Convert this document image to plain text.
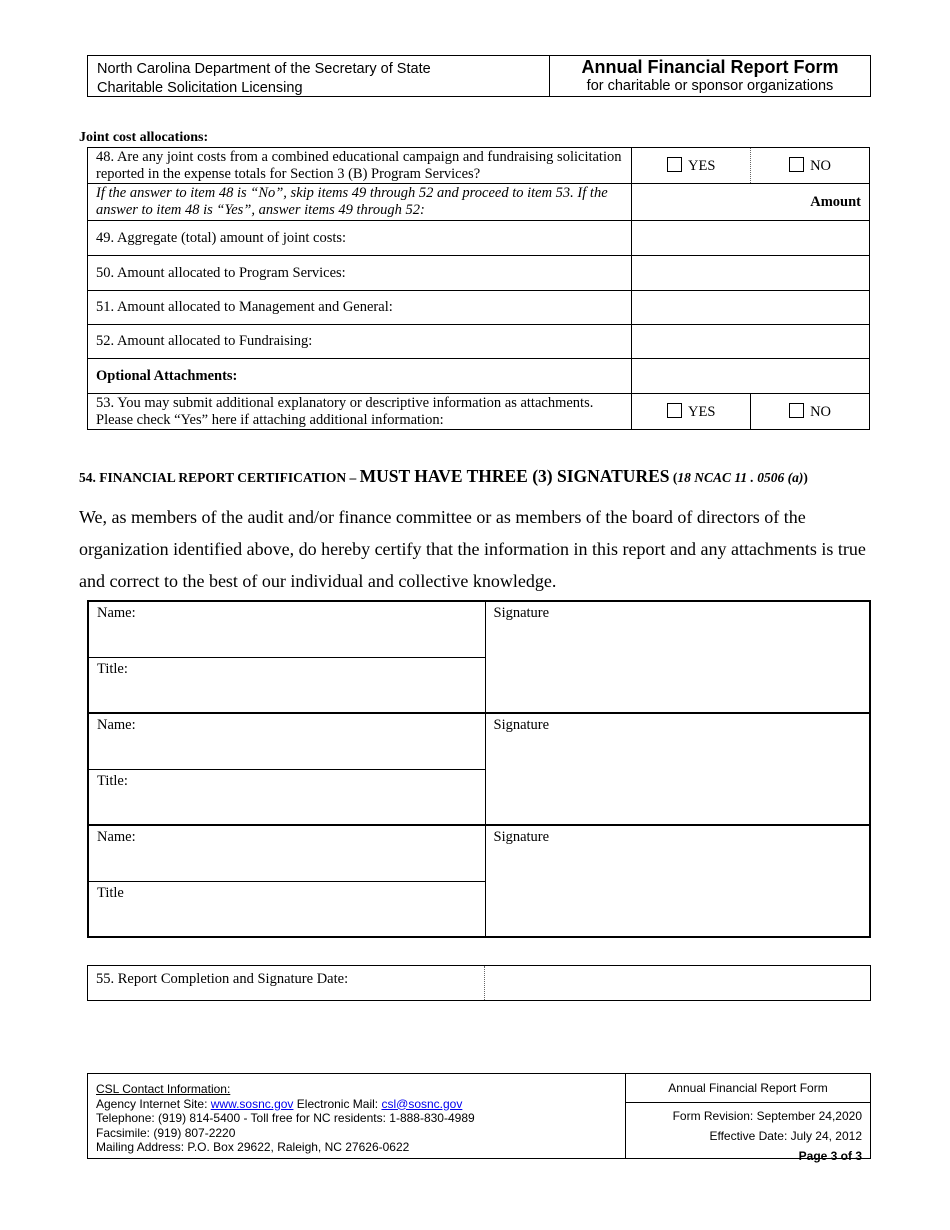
North Carolina Department of the Secretary of State
Charitable Solicitation Licensing
Annual Financial Report Form
for charitable or sponsor organizations
Joint cost allocations:
48. Are any joint costs from a combined educational campaign and fundraising solicitation reported in the expense totals for Section 3 (B) Program Services?	YES	NO
If the answer to item 48 is “No”, skip items 49 through 52 and proceed to item 53. If the answer to item 48 is “Yes”, answer items 49 through 52:	Amount	
49. Aggregate (total) amount of joint costs:		
50. Amount allocated to Program Services:		
51. Amount allocated to Management and General:		
52. Amount allocated to Fundraising:		
Optional Attachments:		
53. You may submit additional explanatory or descriptive information as attachments. Please check “Yes” here if attaching additional information:	YES	NO
54. FINANCIAL REPORT CERTIFICATION – MUST HAVE THREE (3) SIGNATURES (18 NCAC 11 . 0506 (a))
We, as members of the audit and/or finance committee or as members of the board of directors of the organization identified above, do hereby certify that the information in this report and any attachments is true and correct to the best of our individual and collective knowledge.
Name:	Signature
Title:	
Name:	Signature
Title:	
Name:	Signature
Title	
55. Report Completion and Signature Date:
CSL Contact Information:
Agency Internet Site: www.sosnc.gov Electronic Mail: csl@sosnc.gov
Telephone: (919) 814-5400 - Toll free for NC residents: 1-888-830-4989
Facsimile: (919) 807-2220
Mailing Address: P.O. Box 29622, Raleigh, NC 27626-0622
Annual Financial Report Form
Form Revision: September 24,2020
Effective Date: July 24, 2012
Page 3 of 3
